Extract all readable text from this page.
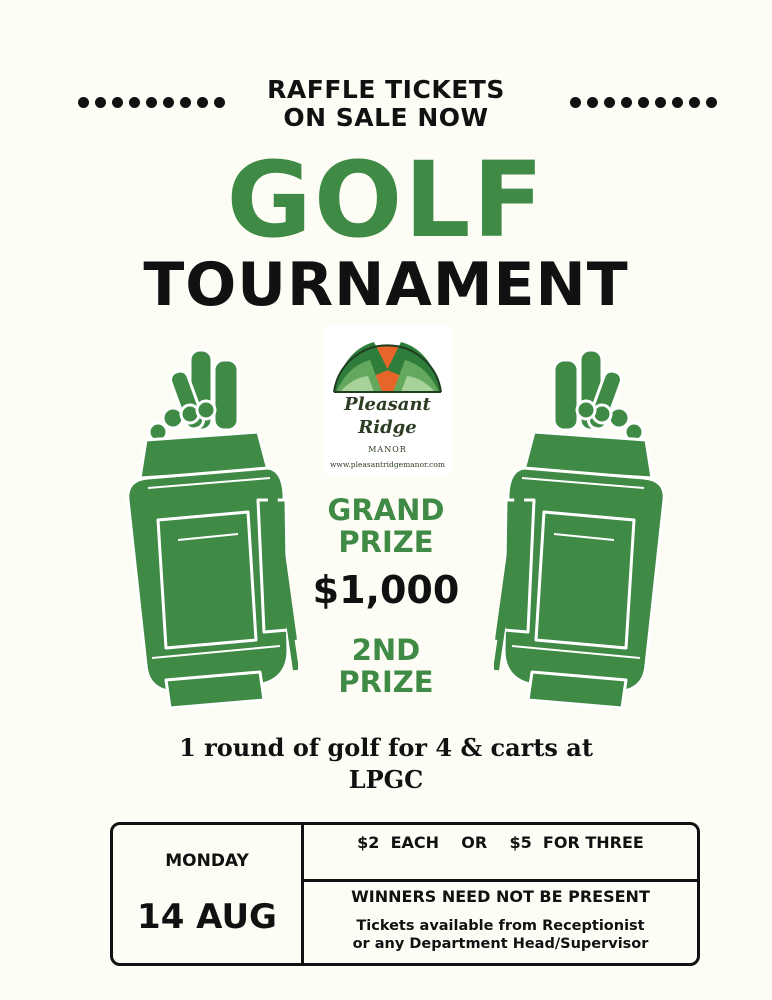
RAFFLE TICKETS
ON SALE NOW
GOLF
TOURNAMENT
Pleasant
Ridge
MANOR
www.pleasantridgemanor.com
GRAND
PRIZE
$1,000
2ND
PRIZE
1 round of golf for 4 & carts at
LPGC
MONDAY
14 AUG
$2  EACH    OR    $5  FOR THREE
WINNERS NEED NOT BE PRESENT
Tickets available from Receptionist
or any Department Head/Supervisor
